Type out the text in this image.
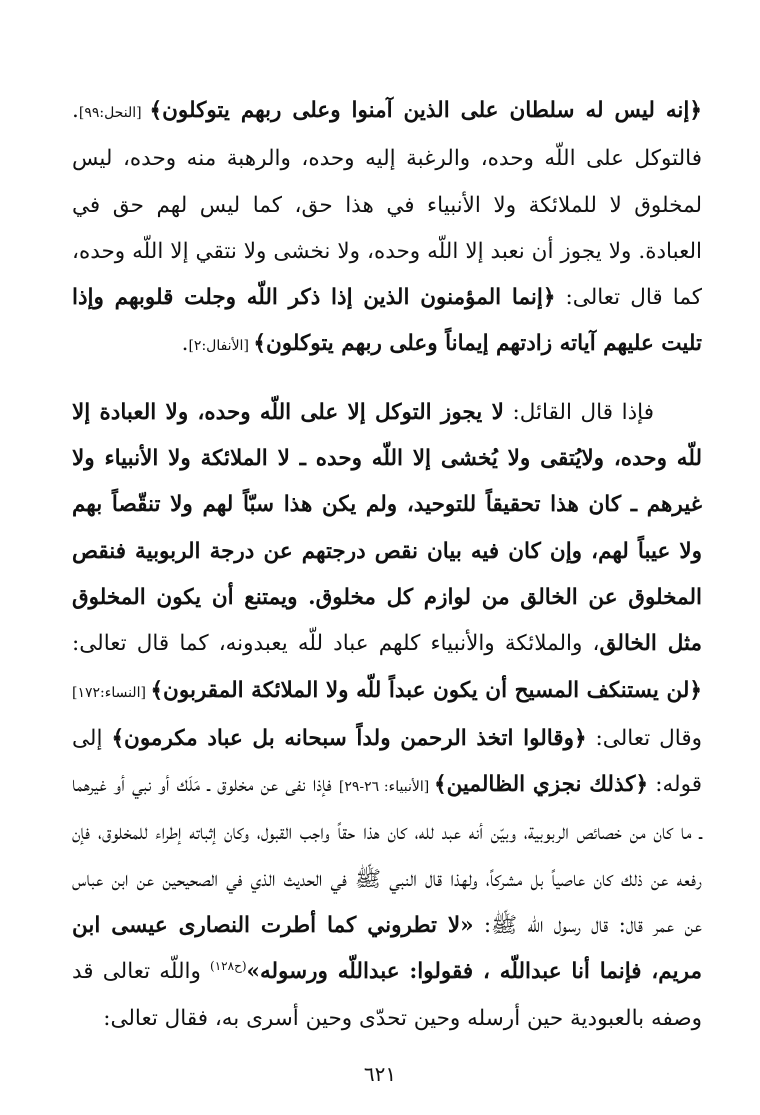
﴿إنه ليس له سلطان على الذين آمنوا وعلى ربهم يتوكلون﴾ [النحل:٩٩]. فالتوكل على اللّه وحده، والرغبة إليه وحده، والرهبة منه وحده، ليس لمخلوق لا للملائكة ولا الأنبياء في هذا حق، كما ليس لهم حق في العبادة. ولا يجوز أن نعبد إلا اللّه وحده، ولا نخشى ولا نتقي إلا اللّه وحده، كما قال تعالى: ﴿إنما المؤمنون الذين إذا ذكر اللّه وجلت قلوبهم وإذا تليت عليهم آياته زادتهم إيماناً وعلى ربهم يتوكلون﴾ [الأنفال:٢].

فإذا قال القائل: لا يجوز التوكل إلا على اللّه وحده، ولا العبادة إلا للّه وحده، ولايُتقى ولا يُخشى إلا اللّه وحده ـ لا الملائكة ولا الأنبياء ولا غيرهم ـ كان هذا تحقيقاً للتوحيد، ولم يكن هذا سبّاً لهم ولا تنقّصاً بهم ولا عيباً لهم، وإن كان فيه بيان نقص درجتهم عن درجة الربوبية فنقص المخلوق عن الخالق من لوازم كل مخلوق. ويمتنع أن يكون المخلوق مثل الخالق، والملائكة والأنبياء كلهم عباد للّه يعبدونه، كما قال تعالى: ﴿لن يستنكف المسيح أن يكون عبداً للّه ولا الملائكة المقربون﴾ [النساء:١٧٢] وقال تعالى: ﴿وقالوا اتخذ الرحمن ولداً سبحانه بل عباد مكرمون﴾ إلى قوله: ﴿كذلك نجزي الظالمين﴾ [الأنبياء: ٢٦-٢٩] فإذا نفى عن مخلوق ـ مَلَك أو نبي أو غيرهما ـ ما كان من خصائص الربوبية، وبيّن أنه عبد لله، كان هذا حقاً واجب القبول، وكان إثباته إطراء للمخلوق، فإن رفعه عن ذلك كان عاصياً بل مشركاً، ولهذا قال النبي ﷺ في الحديث الذي في الصحيحين عن ابن عباس عن عمر قال: قال رسول اللّه ﷺ: «لا تطروني كما أطرت النصارى عيسى ابن مريم، فإنما أنا عبداللّه ، فقولوا: عبداللّه ورسوله»$^{(ح١٢٨)}$ واللّه تعالى قد وصفه بالعبودية حين أرسله وحين تحدّى وحين أسرى به، فقال تعالى:

٦٢١
